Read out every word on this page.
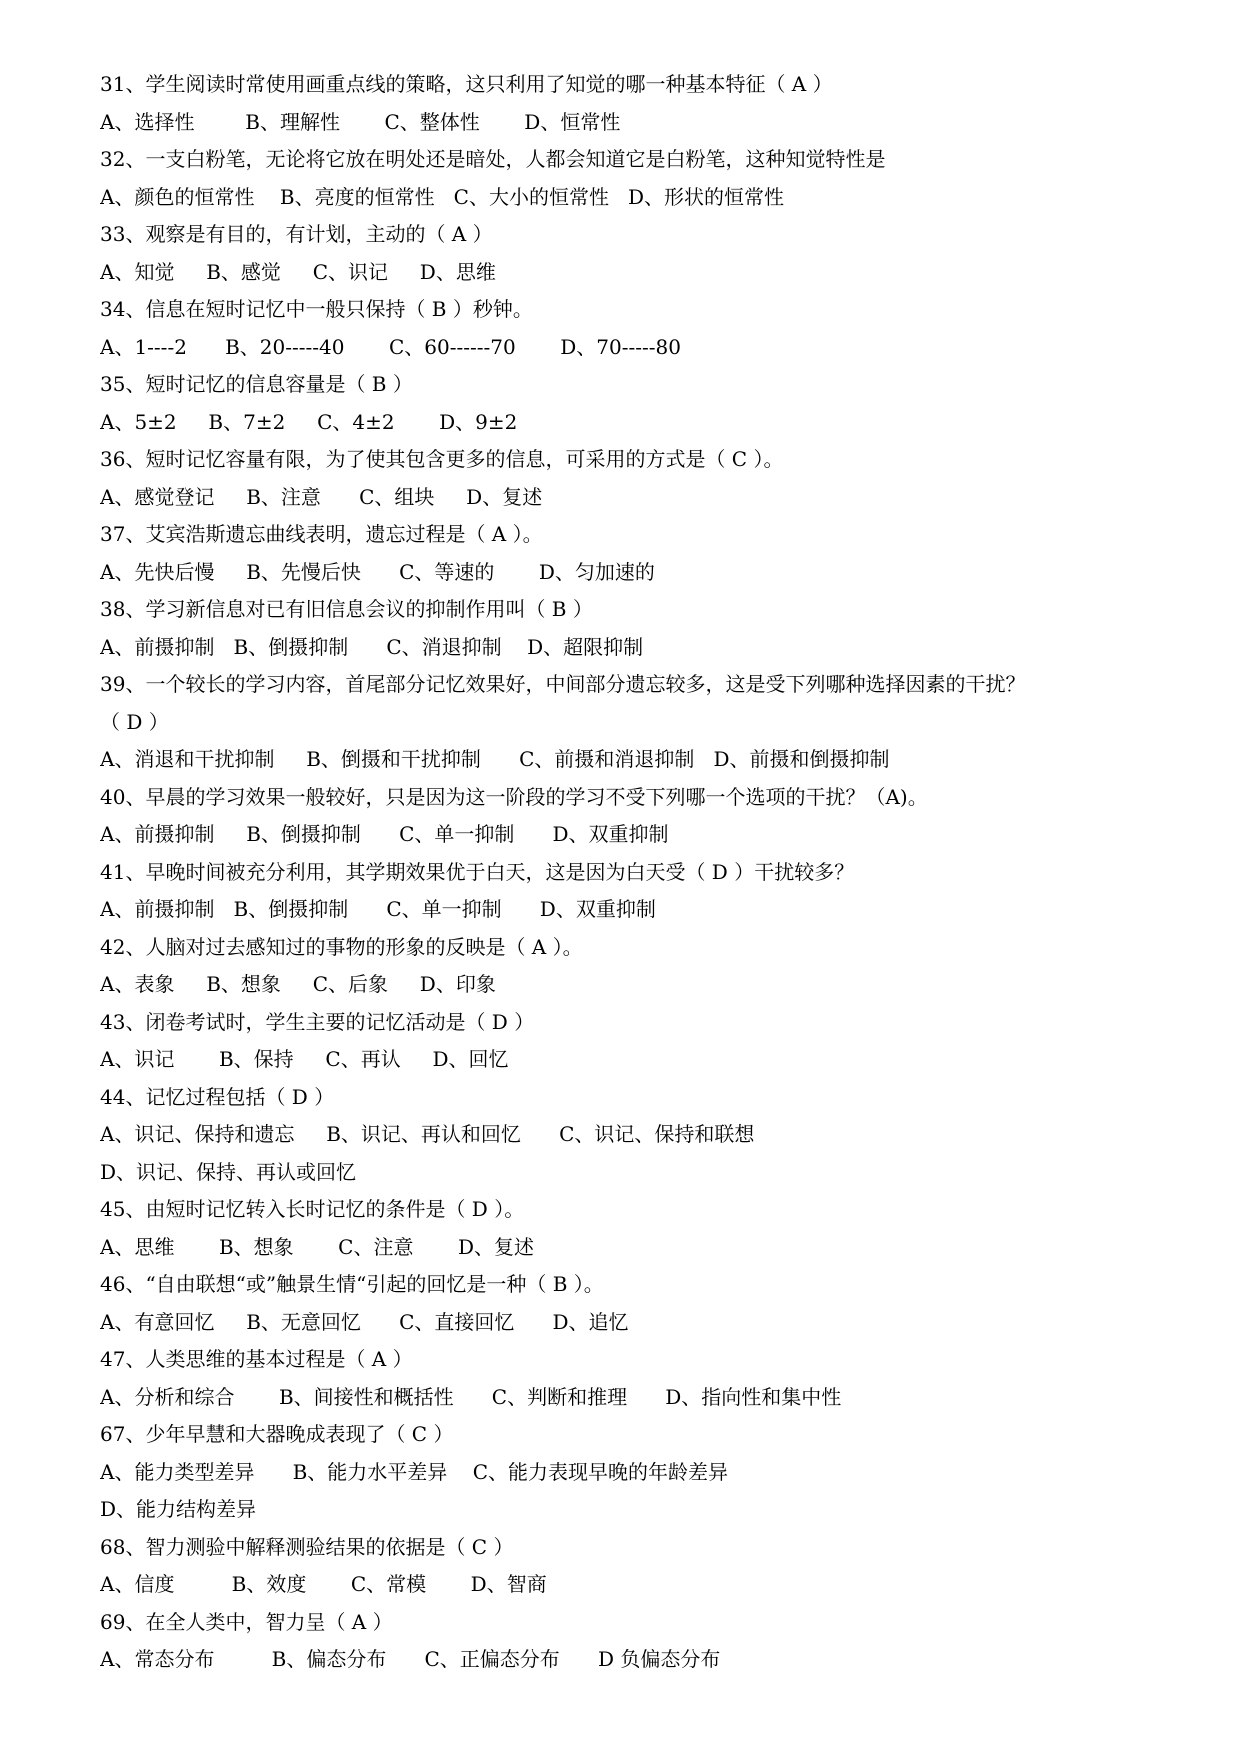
31、学生阅读时常使用画重点线的策略，这只利用了知觉的哪一种基本特征（ A ）
A、选择性        B、理解性       C、整体性       D、恒常性
32、一支白粉笔，无论将它放在明处还是暗处，人都会知道它是白粉笔，这种知觉特性是
A、颜色的恒常性    B、亮度的恒常性   C、大小的恒常性   D、形状的恒常性
33、观察是有目的，有计划，主动的（ A ）
A、知觉     B、感觉     C、识记     D、思维
34、信息在短时记忆中一般只保持（ B ）秒钟。
A、1----2      B、20-----40       C、60------70       D、70-----80
35、短时记忆的信息容量是（ B ）
A、5±2     B、7±2     C、4±2       D、9±2
36、短时记忆容量有限，为了使其包含更多的信息，可采用的方式是（ C ）。
A、感觉登记     B、注意      C、组块     D、复述
37、艾宾浩斯遗忘曲线表明，遗忘过程是（ A ）。
A、先快后慢     B、先慢后快      C、等速的       D、匀加速的
38、学习新信息对已有旧信息会议的抑制作用叫（ B ）
A、前摄抑制   B、倒摄抑制      C、消退抑制    D、超限抑制
39、一个较长的学习内容，首尾部分记忆效果好，中间部分遗忘较多，这是受下列哪种选择因素的干扰？
（ D ）
A、消退和干扰抑制     B、倒摄和干扰抑制      C、前摄和消退抑制   D、前摄和倒摄抑制
40、早晨的学习效果一般较好，只是因为这一阶段的学习不受下列哪一个选项的干扰？（A)。
A、前摄抑制     B、倒摄抑制      C、单一抑制      D、双重抑制
41、早晚时间被充分利用，其学期效果优于白天，这是因为白天受（ D ）干扰较多？
A、前摄抑制   B、倒摄抑制      C、单一抑制      D、双重抑制
42、人脑对过去感知过的事物的形象的反映是（ A ）。
A、表象     B、想象     C、后象     D、印象
43、闭卷考试时，学生主要的记忆活动是（ D ）
A、识记       B、保持     C、再认     D、回忆
44、记忆过程包括（ D ）
A、识记、保持和遗忘     B、识记、再认和回忆      C、识记、保持和联想
D、识记、保持、再认或回忆
45、由短时记忆转入长时记忆的条件是（ D ）。
A、思维       B、想象       C、注意       D、复述
46、“自由联想“或”触景生情“引起的回忆是一种（ B ）。
A、有意回忆     B、无意回忆      C、直接回忆      D、追忆
47、人类思维的基本过程是（ A ）
A、分析和综合       B、间接性和概括性      C、判断和推理      D、指向性和集中性
67、少年早慧和大器晚成表现了（ C ）
A、能力类型差异      B、能力水平差异    C、能力表现早晚的年龄差异
D、能力结构差异
68、智力测验中解释测验结果的依据是（ C ）
A、信度         B、效度       C、常模       D、智商
69、在全人类中，智力呈（ A ）
A、常态分布         B、偏态分布      C、正偏态分布      D 负偏态分布
